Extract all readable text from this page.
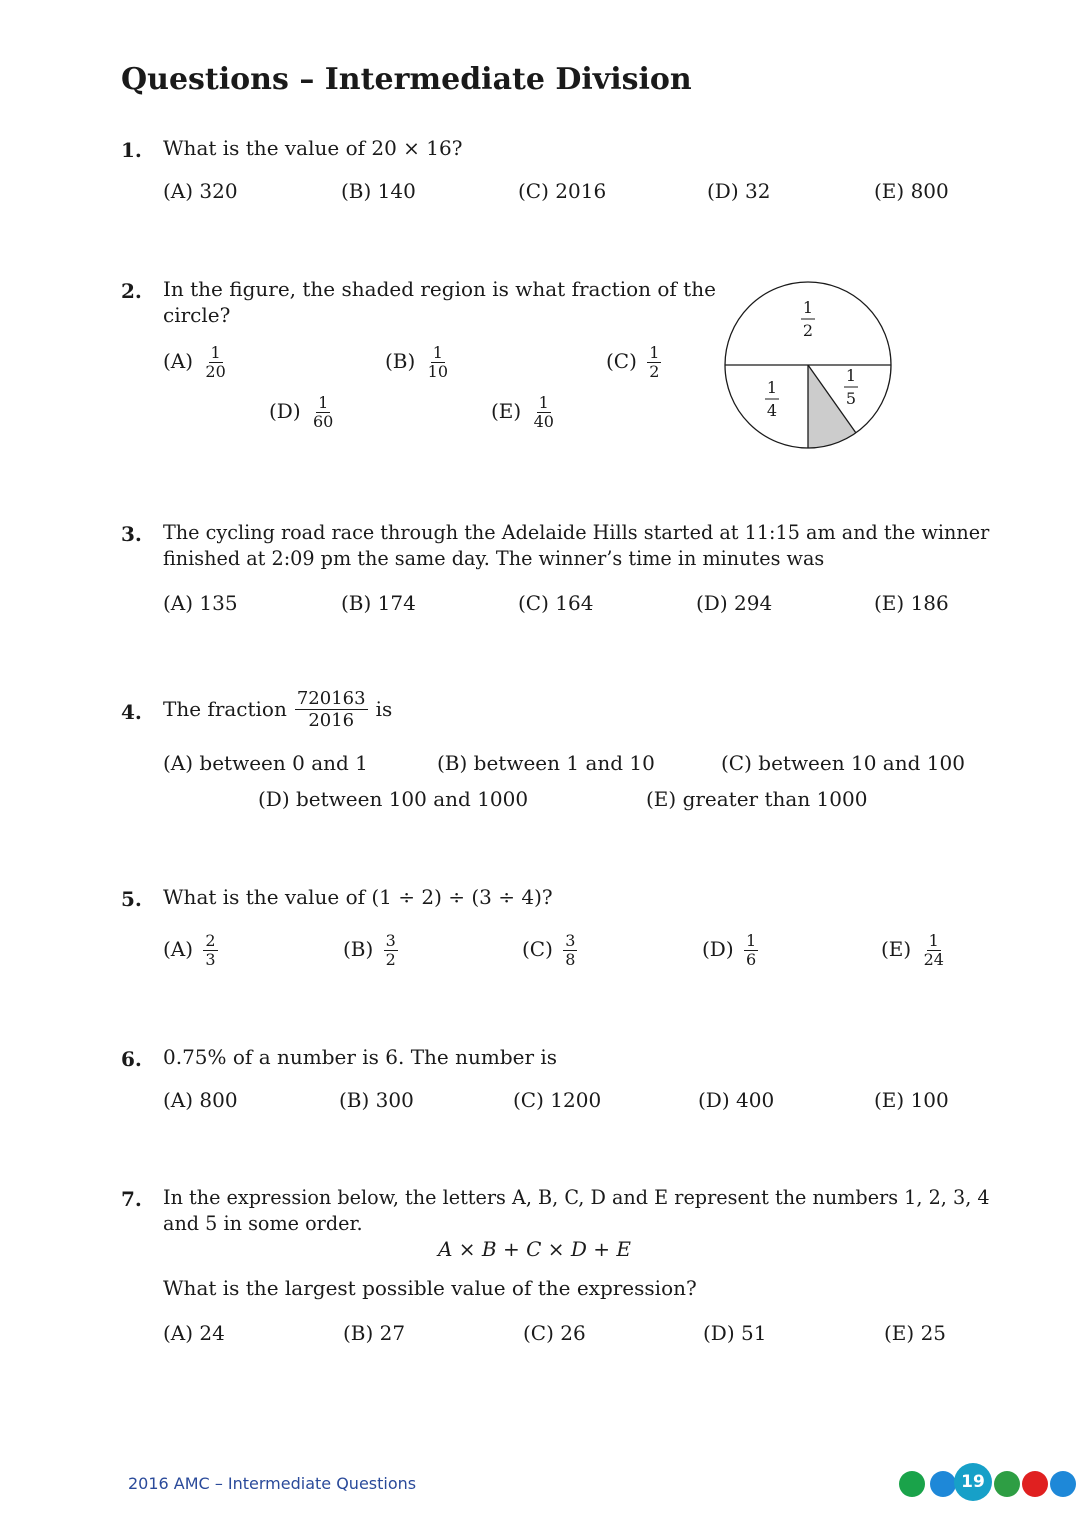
Questions – Intermediate Division
1. What is the value of 20 × 16?
(A) 320	(B) 140	(C) 2016	(D) 32	(E) 800
2. In the figure, the shaded region is what fraction of the
circle?
$(A) \frac{1}{20}$	$(B) \frac{1}{10}$	$(C) \frac{1}{2}$
$(D) \frac{1}{60}$	$(E) \frac{1}{40}$
1
2
1
4
1
5
3. The cycling road race through the Adelaide Hills started at 11:15 am and the winner
finished at 2:09 pm the same day. The winner’s time in minutes was
(A) 135	(B) 174	(C) 164	(D) 294	(E) 186
4. The fraction $\frac{720163}{2016}$ is
(A) between 0 and 1	(B) between 1 and 10	(C) between 10 and 100
(D) between 100 and 1000	(E) greater than 1000
5. What is the value of (1 ÷ 2) ÷ (3 ÷ 4)?
$(A) \frac{2}{3}$	$(B) \frac{3}{2}$	$(C) \frac{3}{8}$	$(D) \frac{1}{6}$	$(E) \frac{1}{24}$
6. 0.75% of a number is 6. The number is
(A) 800	(B) 300	(C) 1200	(D) 400	(E) 100
7. In the expression below, the letters A, B, C, D and E represent the numbers 1, 2, 3, 4
and 5 in some order.
A × B + C × D + E
What is the largest possible value of the expression?
(A) 24	(B) 27	(C) 26	(D) 51	(E) 25
2016 AMC – Intermediate Questions	19
